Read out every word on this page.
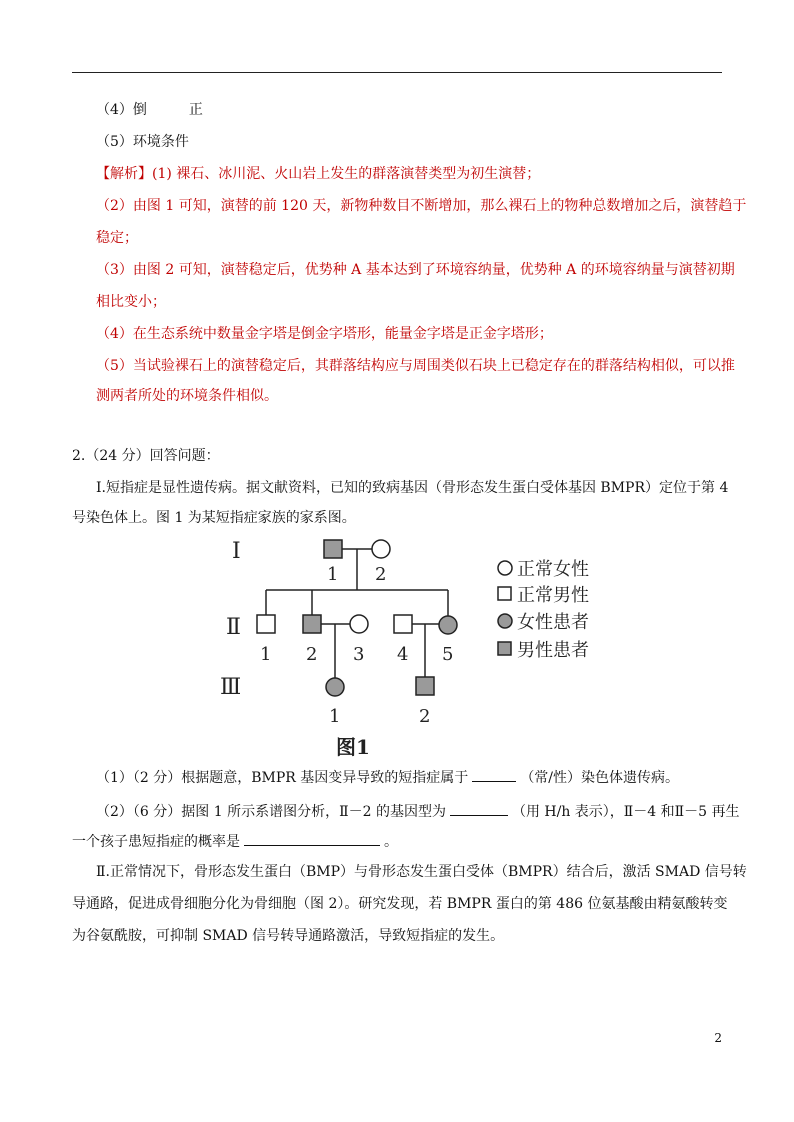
（4）倒　　　正
（5）环境条件
【解析】(1) 裸石、冰川泥、火山岩上发生的群落演替类型为初生演替；
（2）由图 1 可知，演替的前 120 天，新物种数目不断增加，那么裸石上的物种总数增加之后，演替趋于
稳定；
（3）由图 2 可知，演替稳定后，优势种 A 基本达到了环境容纳量，优势种 A 的环境容纳量与演替初期
相比变小；
（4）在生态系统中数量金字塔是倒金字塔形，能量金字塔是正金字塔形；
（5）当试验裸石上的演替稳定后，其群落结构应与周围类似石块上已稳定存在的群落结构相似，可以推
测两者所处的环境条件相似。
2.（24 分）回答问题：
Ⅰ.短指症是显性遗传病。据文献资料，已知的致病基因（骨形态发生蛋白受体基因 BMPR）定位于第 4
号染色体上。图 1 为某短指症家族的家系图。
Ⅰ
Ⅱ
Ⅲ
1 2
1 2 3 4 5
1	2
图1
正常女性
正常男性
女性患者
男性患者
（1）（2 分）根据题意，BMPR 基因变异导致的短指症属于	（常/性）染色体遗传病。
（2）（6 分）据图 1 所示系谱图分析，Ⅱ－2 的基因型为	（用 H/h 表示），Ⅱ－4 和Ⅱ－5 再生
一个孩子患短指症的概率是	。
Ⅱ.正常情况下，骨形态发生蛋白（BMP）与骨形态发生蛋白受体（BMPR）结合后，激活 SMAD 信号转
导通路，促进成骨细胞分化为骨细胞（图 2）。研究发现，若 BMPR 蛋白的第 486 位氨基酸由精氨酸转变
为谷氨酰胺，可抑制 SMAD 信号转导通路激活，导致短指症的发生。
2
